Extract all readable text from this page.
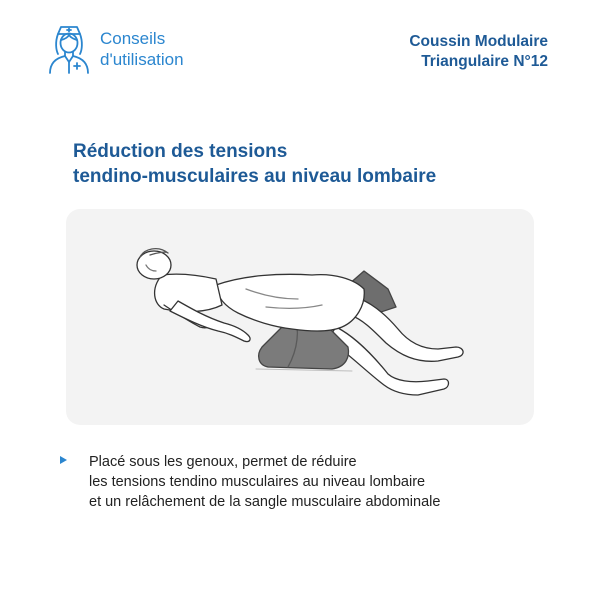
Conseils
d'utilisation
Coussin Modulaire
Triangulaire N°12
Réduction des tensions
tendino-musculaires au niveau lombaire
Placé sous les genoux, permet de réduire
les tensions tendino musculaires au niveau lombaire
et un relâchement de la sangle musculaire abdominale
